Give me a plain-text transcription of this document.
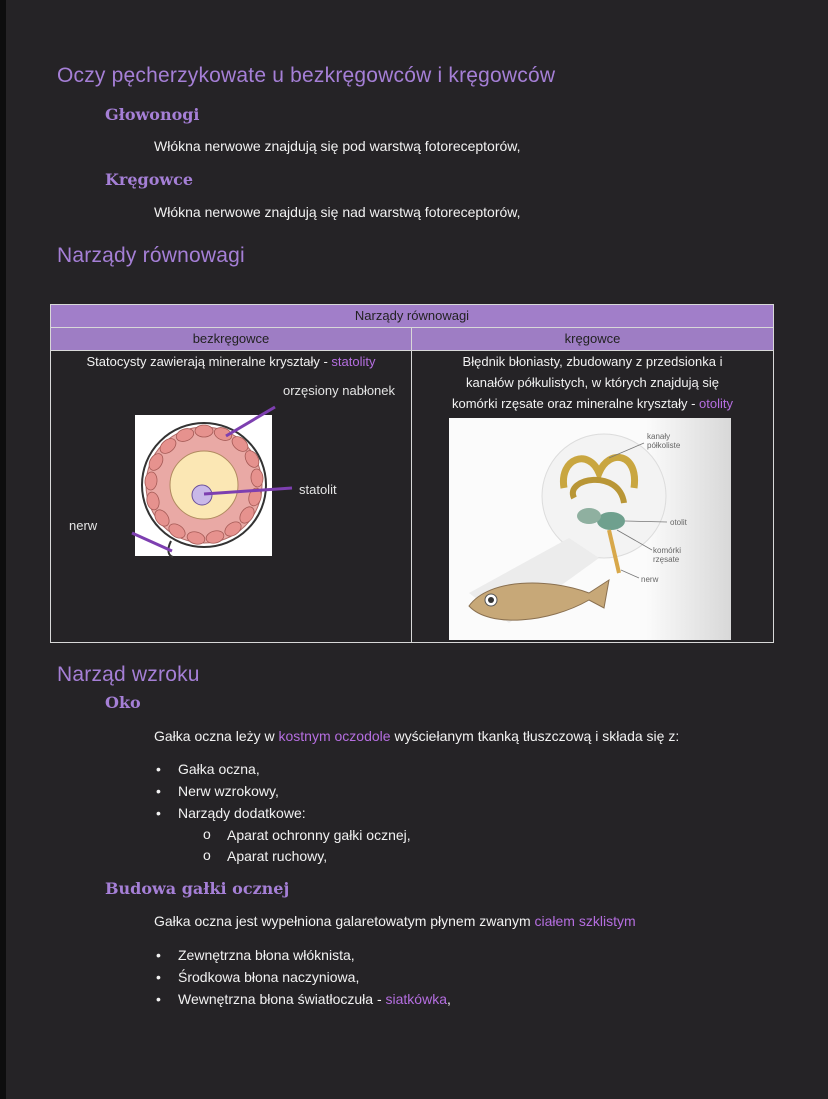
Oczy pęcherzykowate u bezkręgowców i kręgowców
Głowonogi

Włókna nerwowe znajdują się pod warstwą fotoreceptorów,

Kręgowce

Włókna nerwowe znajdują się nad warstwą fotoreceptorów,

Narządy równowagi
Narządy równowagi
bezkręgowce	kręgowce
Statocysty zawierają mineralne kryształy - statolity
orzęsiony nabłonek
statolit
nerw
Błędnik błoniasty, zbudowany z przedsionka i
kanałów półkulistych, w których znajdują się
komórki rzęsate oraz mineralne kryształy - otolity
kanały
półkoliste
otolit
komórki
rzęsate
nerw
Narząd wzroku
Oko

Gałka oczna leży w kostnym oczodole wyściełanym tkanką tłuszczową i składa się z:

• Gałka oczna,
• Nerw wzrokowy,
• Narządy dodatkowe:
o Aparat ochronny gałki ocznej,
o Aparat ruchowy,
Budowa gałki ocznej

Gałka oczna jest wypełniona galaretowatym płynem zwanym ciałem szklistym

• Zewnętrzna błona włóknista,
• Środkowa błona naczyniowa,
• Wewnętrzna błona światłoczuła - siatkówka,
